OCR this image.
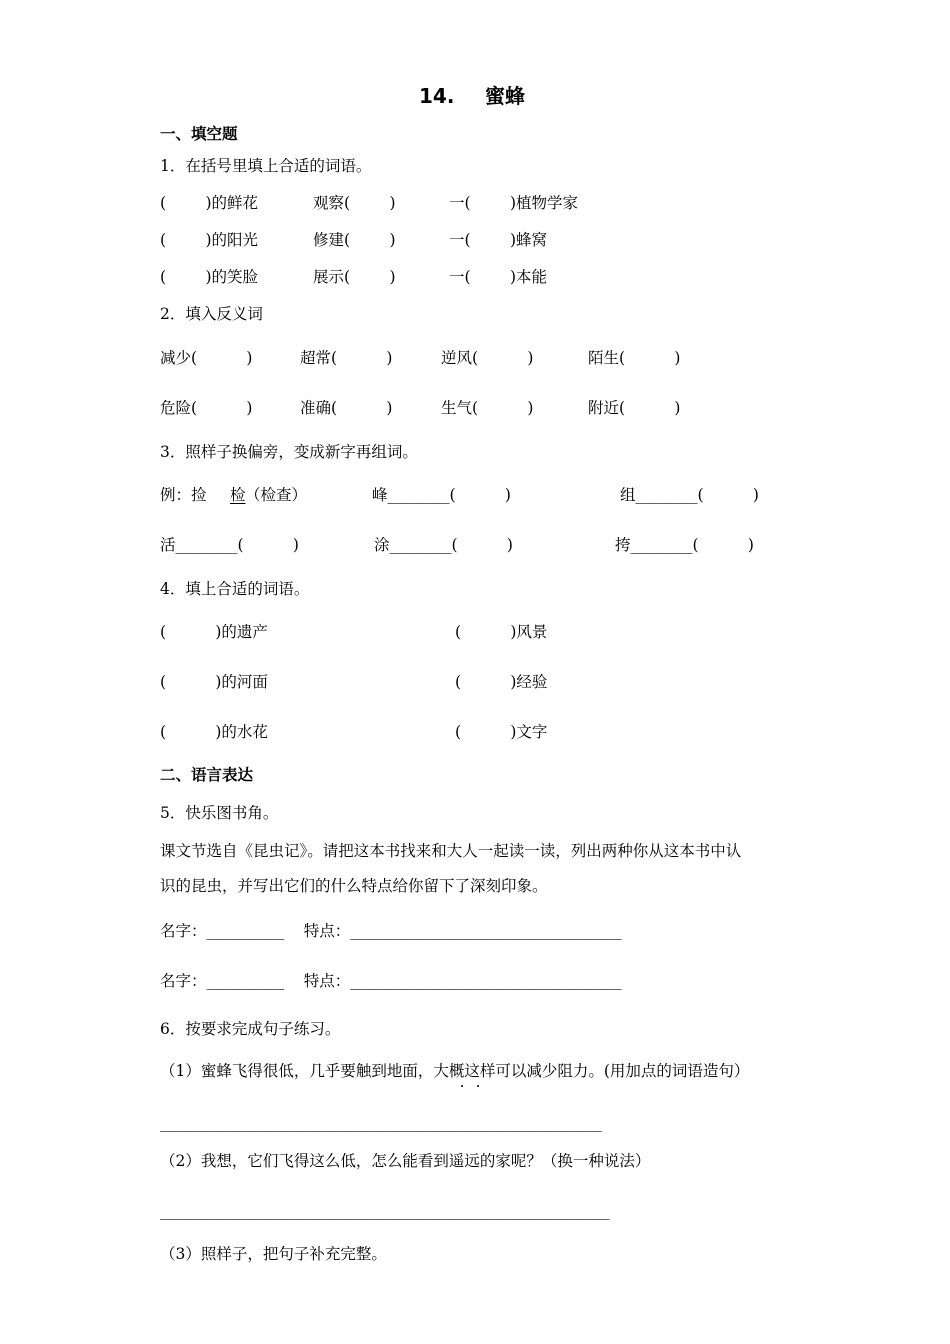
14. 蜜蜂
一、填空题
1．在括号里填上合适的词语。
(        )的鲜花	观察(        )	一(        )植物学家
(        )的阳光	修建(        )	一(        )蜂窝
(        )的笑脸	展示(        )	一(        )本能
2．填入反义词
减少(          )	超常(          )	逆风(          )	陌生(          )
危险(          )	准确(          )	生气(          )	附近(          )
3．照样子换偏旁，变成新字再组词。
例：捡 检 （检查）	峰________(          )	组________(          )
活________(          )	涂________(          )	挎________(          )
4．填上合适的词语。
(          )的遗产	(          )风景
(          )的河面	(          )经验
(          )的水花	(          )文字
二、语言表达
5．快乐图书角。
课文节选自《昆虫记》。请把这本书找来和大人一起读一读，列出两种你从这本书中认
识的昆虫，并写出它们的什么特点给你留下了深刻印象。
名字：__________    特点：___________________________________
名字：__________    特点：___________________________________
6．按要求完成句子练习。
（1）蜜蜂飞得很低，几乎要触到地面，大概这样可以减少阻力。(用加点的词语造句）
_________________________________________________________
（2）我想，它们飞得这么低，怎么能看到遥远的家呢？（换一种说法）
__________________________________________________________
（3）照样子，把句子补充完整。
